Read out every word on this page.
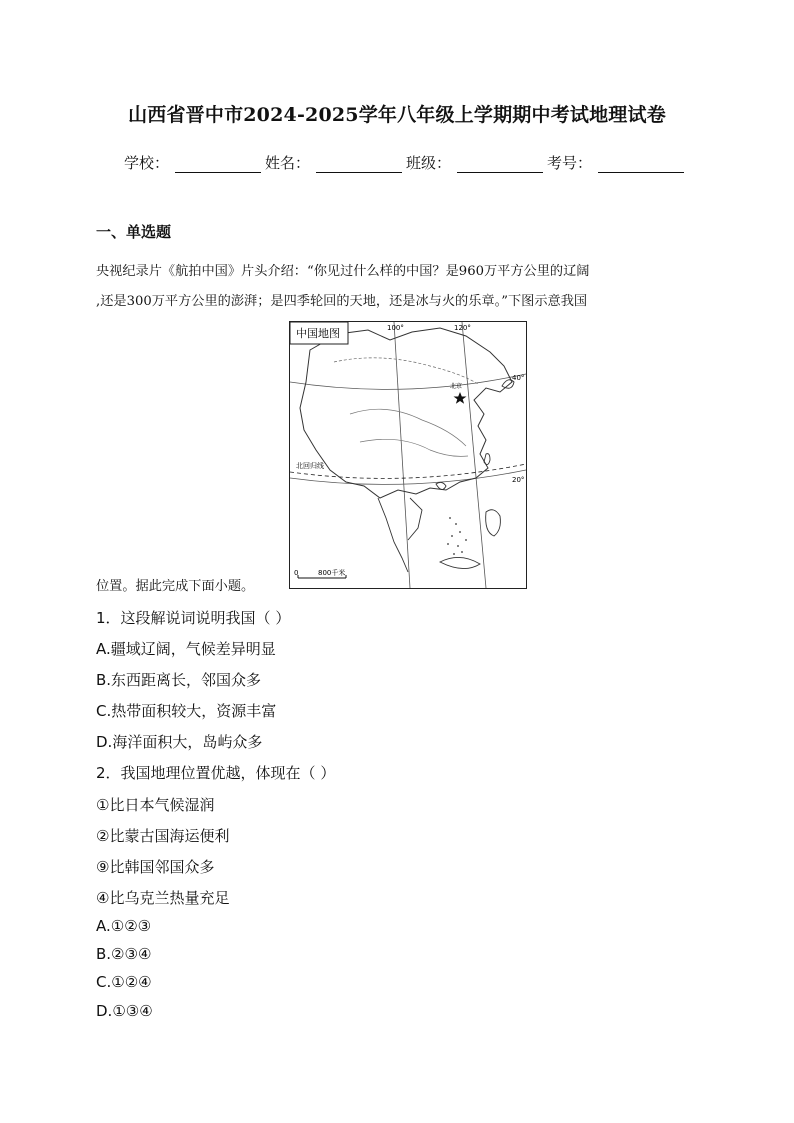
山西省晋中市2024-2025学年八年级上学期期中考试地理试卷
学校：	姓名：	班级：	考号：
一、单选题
央视纪录片《航拍中国》片头介绍：“你见过什么样的中国？是960万平方公里的辽阔
,还是300万平方公里的澎湃；是四季轮回的天地，还是冰与火的乐章。”下图示意我国
位置。据此完成下面小题。
中国地图	100°	120°
40°
20°
北京
北回归线
0	800千米
1．这段解说词说明我国（ ）
A.疆域辽阔，气候差异明显
B.东西距离长，邻国众多
C.热带面积较大，资源丰富
D.海洋面积大，岛屿众多
2．我国地理位置优越，体现在（ ）
①比日本气候湿润
②比蒙古国海运便利
⑨比韩国邻国众多
④比乌克兰热量充足
A.①②③
B.②③④
C.①②④
D.①③④
